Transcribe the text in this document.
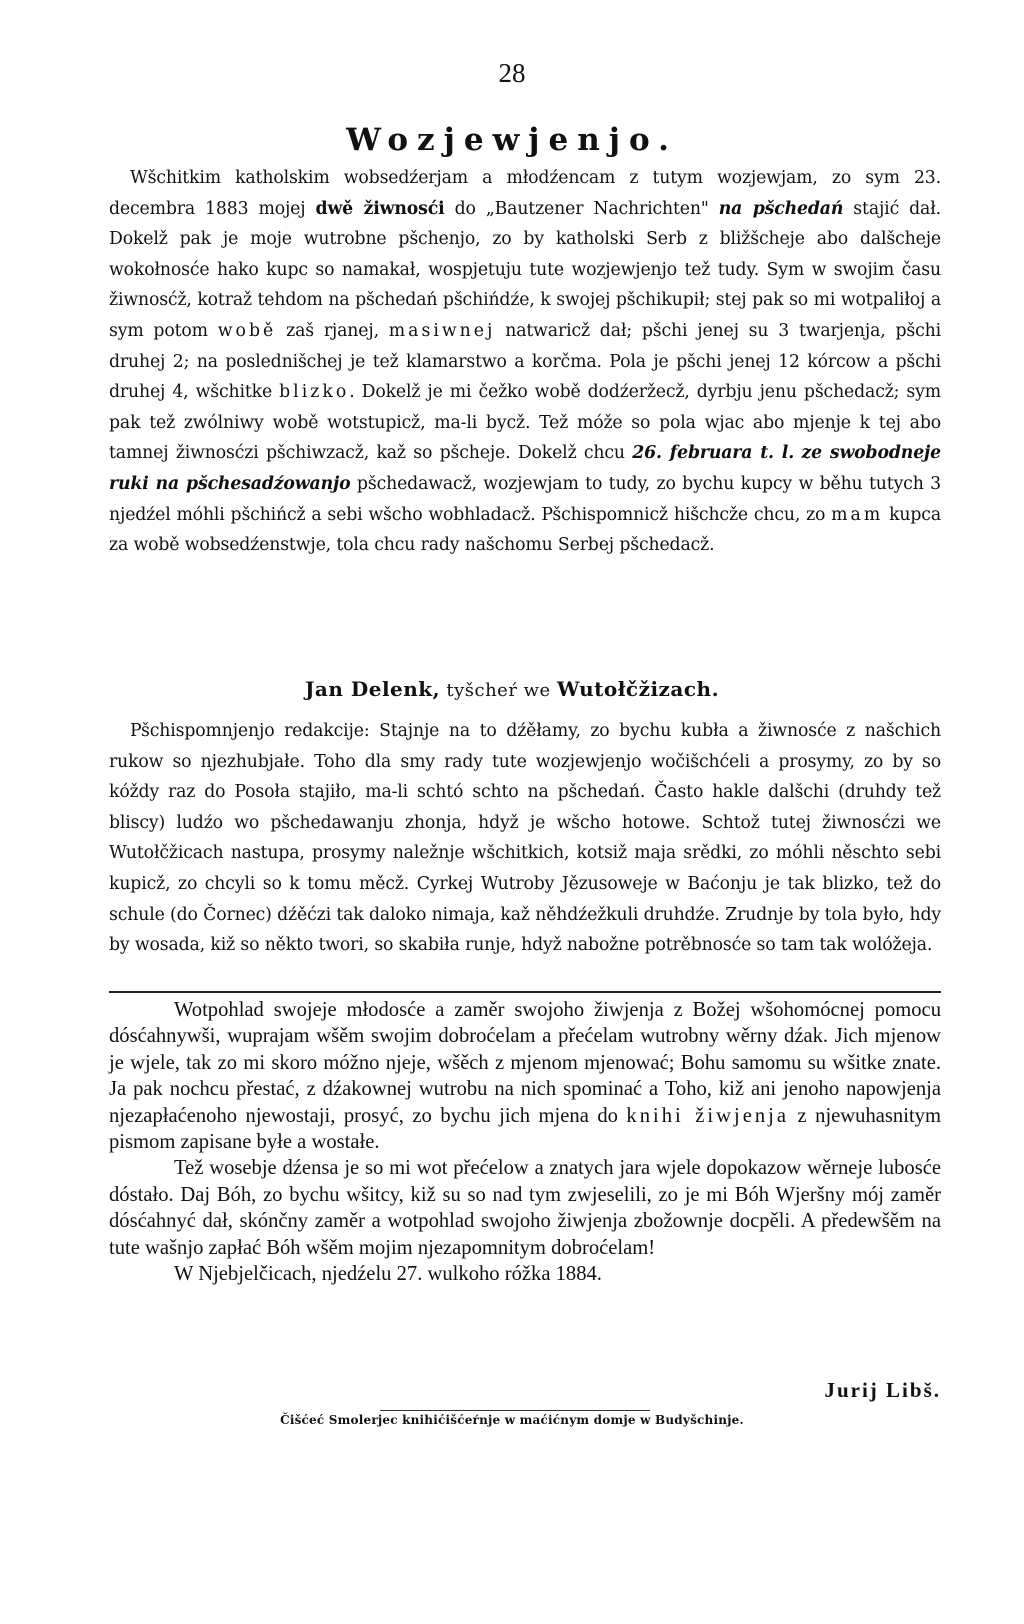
28
Wozjewjenjo.

Wšchitkim katholskim wobsedźerjam a młodźencam z tutym wozjewjam, zo sym 23. decembra 1883 mojej dwě žiwnosći do „Bautzener Nachrichten" na pšchedań stajić dał. Dokelž pak je moje wutrobne pšchenjo, zo by katholski Serb z bližšcheje abo dalšcheje wokołnosće hako kupc so namakał, wospjetuju tute wozjewjenjo tež tudy. Sym w swojim času žiwnosćž, kotraž tehdom na pšchedań pšchińdźe, k swojej pšchikupił; stej pak so mi wotpaliłoj a sym potom wobě zaš rjanej, masiwnej natwaricž dał; pšchi jenej su 3 twarjenja, pšchi druhej 2; na poslednišchej je tež klamarstwo a korčma. Pola je pšchi jenej 12 kórcow a pšchi druhej 4, wšchitke blizko. Dokelž je mi čežko wobě dodźeržecž, dyrbju jenu pšchedacž; sym pak tež zwólniwy wobě wotstupicž, ma-li bycž. Tež móže so pola wjac abo mjenje k tej abo tamnej žiwnosćzi pšchiwzacž, kaž so pšcheje. Dokelž chcu 26. februara t. l. ze swobodneje ruki na pšchesadźowanjo pšchedawacž, wozjewjam to tudy, zo bychu kupcy w běhu tutych 3 njedźel móhli pšchińcž a sebi wšcho wobhladacž. Pšchispomnicž hišchcže chcu, zo mam kupca za wobě wobsedźenstwje, tola chcu rady našchomu Serbej pšchedacž.

Jan Delenk, tyšcheŕ we Wutołčžizach.

Pšchispomnjenjo redakcije: Stajnje na to dźěłamy, zo bychu kubła a žiwnosće z našchich rukow so njezhubjałe. Toho dla smy rady tute wozjewjenjo wočišchćeli a prosymy, zo by so kóždy raz do Posoła stajiło, ma-li schtó schto na pšchedań. Často hakle dalšchi (druhdy tež bliscy) ludźo wo pšchedawanju zhonja, hdyž je wšcho hotowe. Schtož tutej žiwnosćzi we Wutołčžicach nastupa, prosymy naležnje wšchitkich, kotsiž maja srědki, zo móhli něschto sebi kupicž, zo chcyli so k tomu měcž. Cyrkej Wutroby Jězusoweje w Baćonju je tak blizko, tež do schule (do Čornec) dźěćzi tak daloko nimaja, kaž něhdźežkuli druhdźe. Zrudnje by tola było, hdy by wosada, kiž so někto twori, so skabiła runje, hdyž nabožne potrěbnosće so tam tak wolóžeja.

Wotpohlad swojeje młodosće a zaměr swojoho žiwjenja z Božej wšohomócnej pomocu dósćahnywši, wuprajam wšěm swojim dobroćelam a přećelam wutrobny wěrny dźak. Jich mjenow je wjele, tak zo mi skoro móžno njeje, wšěch z mjenom mjenować; Bohu samomu su wšitke znate. Ja pak nochcu přestać, z dźakownej wutrobu na nich spominać a Toho, kiž ani jenoho napowjenja njezapłaćenoho njewostaji, prosyć, zo bychu jich mjena do knihi žiwjenja z njewuhasnitym pismom zapisane byłe a wostałe.

Tež wosebje dźensa je so mi wot přećelow a znatych jara wjele dopokazow wěrneje lubosće dóstało. Daj Bóh, zo bychu wšitcy, kiž su so nad tym zwjeselili, zo je mi Bóh Wjeršny mój zaměr dósćahnyć dał, skónčny zaměr a wotpohlad swojoho žiwjenja zbožownje docpěli. A předewšěm na tute wašnjo zapłać Bóh wšěm mojim njezapomnitym dobroćelam!

W Njebjelčicach, njedźelu 27. wulkoho róžka 1884.

Jurij Libš.
Čišćeć Smolerjec knihićišćeŕnje w maćićnym domje w Budyšchinje.
